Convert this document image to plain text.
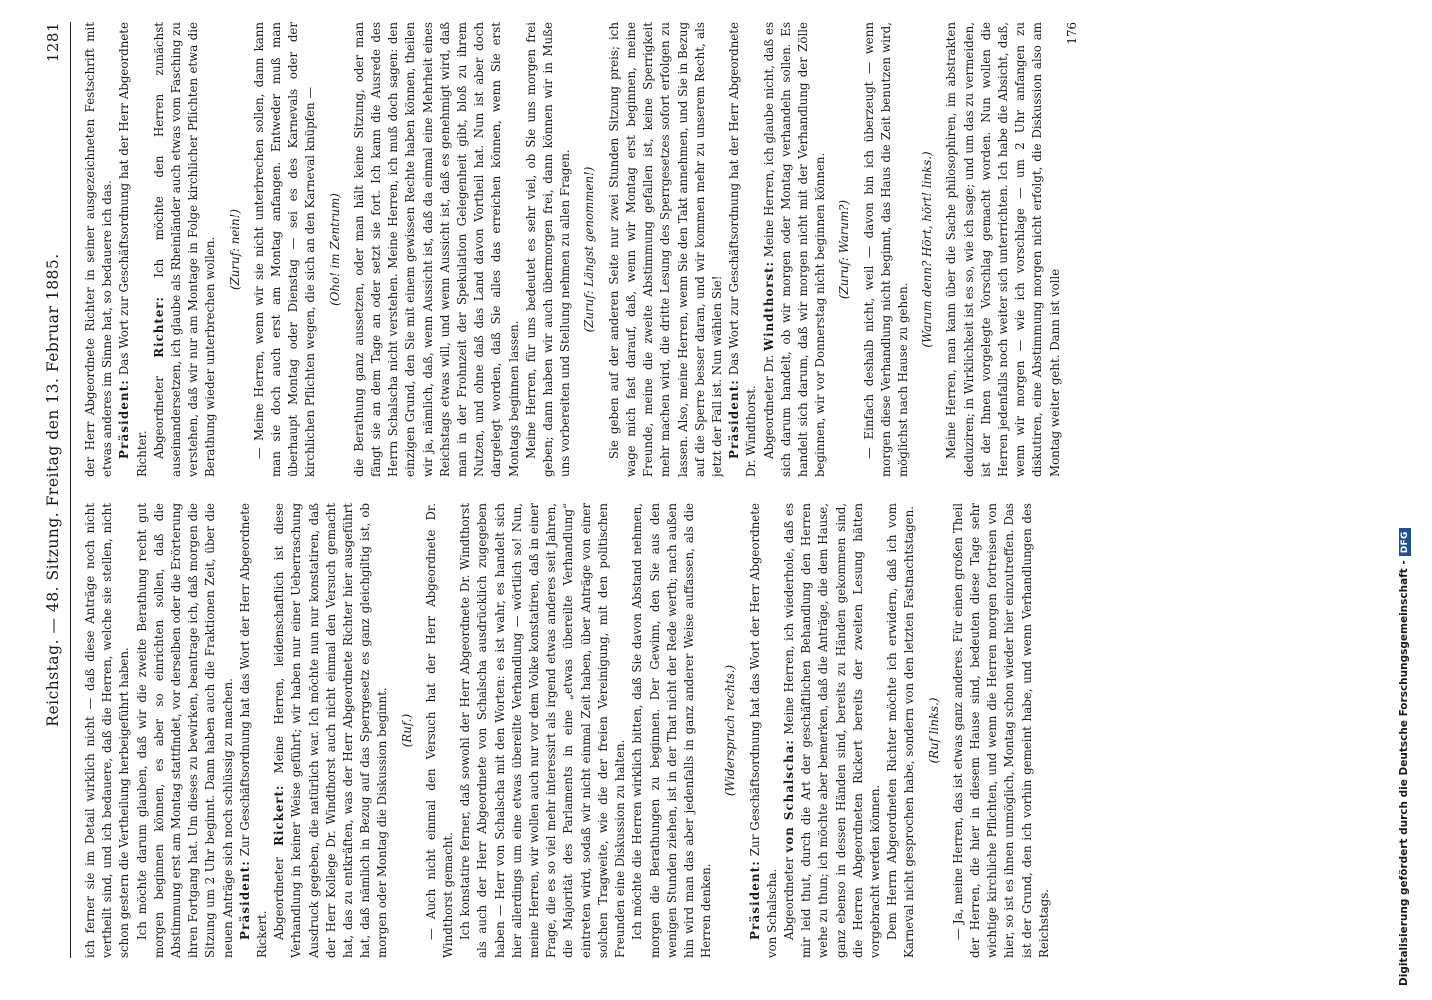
Reichstag. — 48. Sitzung. Freitag den 13. Februar 1885.
1281

ich ferner sie im Detail wirklich nicht — daß diese Anträge noch nicht vertheilt sind, und ich bedauere, daß die Herren, welche sie stellen, nicht schon gestern die Vertheilung herbeigeführt haben. Ich möchte darum glauben, daß wir die zweite Berathung recht gut morgen beginnen können, es aber so einrichten sollen, daß die Abstimmung erst am Montag stattfindet, vor derselben oder die Erörterung ihren Fortgang hat. Um dieses zu bewirken, beantrage ich, daß morgen die Sitzung um 2 Uhr beginnt. Dann haben auch die Fraktionen Zeit, über die neuen Anträge sich noch schlüssig zu machen. Präsident: Zur Geschäftsordnung hat das Wort der Herr Abgeordnete Rickert. Abgeordneter Rickert: Meine Herren, leidenschaftlich ist diese Verhandlung in keiner Weise geführt; wir haben nur einer Ueberraschung Ausdruck gegeben, die natürlich war. Ich möchte nun nur konstatiren, daß der Herr Kollege Dr. Windthorst auch nicht einmal den Versuch gemacht hat, das zu entkräften, was der Herr Abgeordnete Richter hier ausgeführt hat, daß nämlich in Bezug auf das Sperrgesetz es ganz gleichgiltig ist, ob morgen oder Montag die Diskussion beginnt. (Ruf.) — Auch nicht einmal den Versuch hat der Herr Abgeordnete Dr. Windthorst gemacht. Ich konstatire ferner, daß sowohl der Herr Abgeordnete Dr. Windthorst als auch der Herr Abgeordnete von Schalscha ausdrücklich zugegeben haben — Herr von Schalscha mit den Worten: es ist wahr, es handelt sich hier allerdings um eine etwas übereilte Verhandlung — wörtlich so! Nun, meine Herren, wir wollen auch nur vor dem Volke konstatiren, daß in einer Frage, die es so viel mehr interessirt als irgend etwas anderes seit Jahren, die Majorität des Parlaments in eine „etwas übereilte Verhandlung“ eintreten wird, sodaß wir nicht einmal Zeit haben, über Anträge von einer solchen Tragweite, wie die der freien Vereinigung, mit den politischen Freunden eine Diskussion zu halten. Ich möchte die Herren wirklich bitten, daß Sie davon Abstand nehmen, morgen die Berathungen zu beginnen. Der Gewinn, den Sie aus den wenigen Stunden ziehen, ist in der That nicht der Rede werth; nach außen hin wird man das aber jedenfalls in ganz anderer Weise auffassen, als die Herren denken.

(Widerspruch rechts.)

Präsident: Zur Geschäftsordnung hat das Wort der Herr Abgeordnete von Schalscha. Abgeordneter von Schalscha: Meine Herren, ich wiederhole, daß es mir leid thut, durch die Art der geschäftlichen Behandlung den Herren wehe zu thun; ich möchte aber bemerken, daß die Anträge, die dem Hause, ganz ebenso in dessen Händen sind, bereits zu Händen gekommen sind, die Herren Abgeordneten Rickert bereits der zweiten Lesung hätten vorgebracht werden können. Dem Herrn Abgeordneten Richter möchte ich erwidern, daß ich vom Karneval nicht gesprochen habe, sondern von den letzten Fastnachtstagen. (Ruf links.) — Ja, meine Herren, das ist etwas ganz anderes. Für einen großen Theil der Herren, die hier in diesem Hause sind, bedeuten diese Tage sehr wichtige kirchliche Pflichten, und wenn die Herren morgen fortreisen von hier, so ist es ihnen unmöglich, Montag schon wieder hier einzutreffen. Das ist der Grund, den ich vorhin gemeint habe, und wenn Verhandlungen des Reichstags.

der Herr Abgeordnete Richter in seiner ausgezeichneten Festschrift mit etwas anderes im Sinne hat, so bedauere ich das. Präsident: Das Wort zur Geschäftsordnung hat der Herr Abgeordnete Richter. Abgeordneter Richter: Ich möchte den Herren zunächst auseinandersetzen, ich glaube als Rheinländer auch etwas vom Fasching zu verstehen, daß wir nur am Montage in Folge kirchlicher Pflichten etwa die Berathung wieder unterbrechen wollen. (Zuruf: nein!) — Meine Herren, wenn wir sie nicht unterbrechen sollen, dann kann man sie doch auch erst am Montag anfangen. Entweder muß man überhaupt Montag oder Dienstag — sei es des Karnevals oder der kirchlichen Pflichten wegen, die sich an den Karneval knüpfen — (Oho! im Zentrum) die Berathung ganz aussetzen, oder man hält keine Sitzung, oder man fängt sie an dem Tage an oder setzt sie fort. Ich kann die Ausrede des Herrn Schalscha nicht verstehen. Meine Herren, ich muß doch sagen: den einzigen Grund, den Sie mit einem gewissen Rechte haben können, theilen wir ja, nämlich, daß, wenn Aussicht ist, daß da einmal eine Mehrheit eines Reichstags etwas will, und wenn Aussicht ist, daß es genehmigt wird, daß man in der Frohnzeit der Spekulation Gelegenheit gibt, bloß zu ihrem Nutzen, und ohne daß das Land davon Vortheil hat. Nun ist aber doch dargelegt worden, daß Sie alles das erreichen können, wenn Sie erst Montags beginnen lassen. Meine Herren, für uns bedeutet es sehr viel, ob Sie uns morgen frei geben; dann haben wir auch übermorgen frei, dann können wir in Muße uns vorbereiten und Stellung nehmen zu allen Fragen. (Zuruf: Längst genommen!) Sie geben auf der anderen Seite nur zwei Stunden Sitzung preis; ich wage mich fast darauf, daß, wenn wir Montag erst beginnen, meine Freunde, meine die zweite Abstimmung gefallen ist, keine Sperrigkeit mehr machen wird, die dritte Lesung des Sperrgesetzes sofort erfolgen zu lassen. Also, meine Herren, wenn Sie den Takt annehmen, und Sie in Bezug auf die Sperre besser daran, und wir kommen mehr zu unserem Recht, als jetzt der Fall ist. Nun wählen Sie! Präsident: Das Wort zur Geschäftsordnung hat der Herr Abgeordnete Dr. Windthorst. Abgeordneter Dr. Windthorst: Meine Herren, ich glaube nicht, daß es sich darum handelt, ob wir morgen oder Montag verhandeln sollen. Es handelt sich darum, daß wir morgen nicht mit der Verhandlung der Zölle beginnen, wir vor Donnerstag nicht beginnen können. (Zuruf: Warum?) — Einfach deshalb nicht, weil — davon bin ich überzeugt — wenn morgen diese Verhandlung nicht beginnt, das Haus die Zeit benutzen wird, möglichst nach Hause zu gehen.

(Warum denn? Hört, hört! links.) Meine Herren, man kann über die Sache philosophiren, im abstrakten deduziren; in Wirklichkeit ist es so, wie ich sage; und um das zu vermeiden, ist der Ihnen vorgelegte Vorschlag gemacht worden. Nun wollen die Herren jedenfalls noch weiter sich unterrichten. Ich habe die Absicht, daß, wenn wir morgen — wie ich vorschlage — um 2 Uhr anfangen zu diskutiren, eine Abstimmung morgen nicht erfolgt, die Diskussion also am Montag weiter geht. Dann ist volle

176

Digitalisierung gefördert durch die Deutsche Forschungsgemeinschaft -DFG
